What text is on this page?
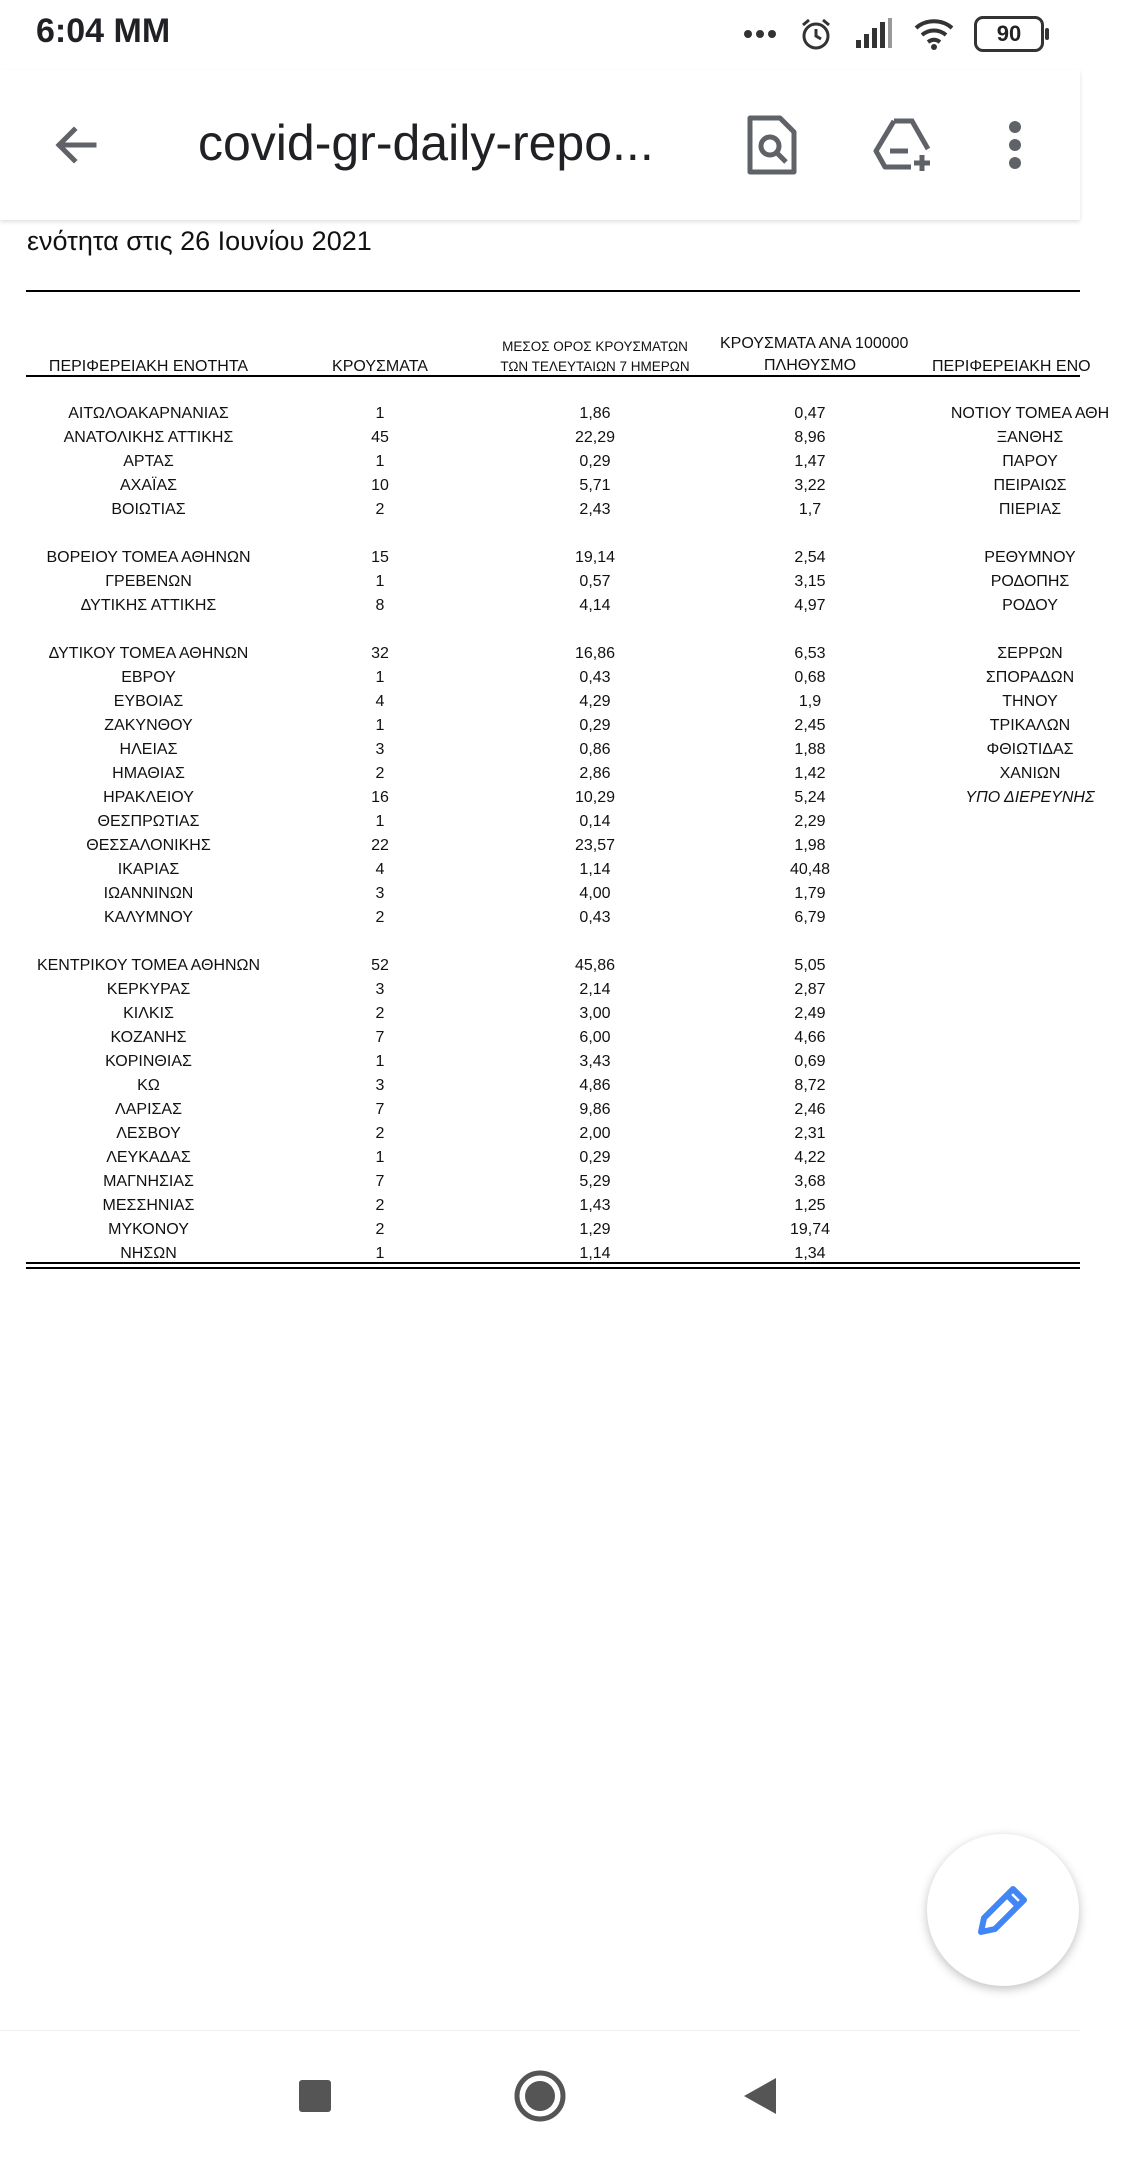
6:04 MM	90
covid-gr-daily-repo...
ενότητα στις 26 Ιουνίου 2021
ΠΕΡΙΦΕΡΕΙΑΚΗ ΕΝΟΤΗΤΑ	ΚΡΟΥΣΜΑΤΑ
ΜΕΣΟΣ ΟΡΟΣ ΚΡΟΥΣΜΑΤΩΝ
ΤΩΝ ΤΕΛΕΥΤΑΙΩΝ 7 ΗΜΕΡΩΝ
ΚΡΟΥΣΜΑΤΑ ΑΝΑ 100000
ΠΛΗΘΥΣΜΟ	ΠΕΡΙΦΕΡΕΙΑΚΗ ΕΝΟ
ΑΙΤΩΛΟΑΚΑΡΝΑΝΙΑΣ	1	1,86	0,47	ΝΟΤΙΟΥ ΤΟΜΕΑ ΑΘΗ
ΑΝΑΤΟΛΙΚΗΣ ΑΤΤΙΚΗΣ	45	22,29	8,96	ΞΑΝΘΗΣ
ΑΡΤΑΣ	1	0,29	1,47	ΠΑΡΟΥ
ΑΧΑΪΑΣ	10	5,71	3,22	ΠΕΙΡΑΙΩΣ
ΒΟΙΩΤΙΑΣ	2	2,43	1,7	ΠΙΕΡΙΑΣ
ΒΟΡΕΙΟΥ ΤΟΜΕΑ ΑΘΗΝΩΝ	15	19,14	2,54	ΡΕΘΥΜΝΟΥ
ΓΡΕΒΕΝΩΝ	1	0,57	3,15	ΡΟΔΟΠΗΣ
ΔΥΤΙΚΗΣ ΑΤΤΙΚΗΣ	8	4,14	4,97	ΡΟΔΟΥ
ΔΥΤΙΚΟΥ ΤΟΜΕΑ ΑΘΗΝΩΝ	32	16,86	6,53	ΣΕΡΡΩΝ
ΕΒΡΟΥ	1	0,43	0,68	ΣΠΟΡΑΔΩΝ
ΕΥΒΟΙΑΣ	4	4,29	1,9	ΤΗΝΟΥ
ΖΑΚΥΝΘΟΥ	1	0,29	2,45	ΤΡΙΚΑΛΩΝ
ΗΛΕΙΑΣ	3	0,86	1,88	ΦΘΙΩΤΙΔΑΣ
ΗΜΑΘΙΑΣ	2	2,86	1,42	ΧΑΝΙΩΝ
ΗΡΑΚΛΕΙΟΥ	16	10,29	5,24	ΥΠΟ ΔΙΕΡΕΥΝΗΣ
ΘΕΣΠΡΩΤΙΑΣ	1	0,14	2,29
ΘΕΣΣΑΛΟΝΙΚΗΣ	22	23,57	1,98
ΙΚΑΡΙΑΣ	4	1,14	40,48
ΙΩΑΝΝΙΝΩΝ	3	4,00	1,79
ΚΑΛΥΜΝΟΥ	2	0,43	6,79
ΚΕΝΤΡΙΚΟΥ ΤΟΜΕΑ ΑΘΗΝΩΝ	52	45,86	5,05
ΚΕΡΚΥΡΑΣ	3	2,14	2,87
ΚΙΛΚΙΣ	2	3,00	2,49
ΚΟΖΑΝΗΣ	7	6,00	4,66
ΚΟΡΙΝΘΙΑΣ	1	3,43	0,69
ΚΩ	3	4,86	8,72
ΛΑΡΙΣΑΣ	7	9,86	2,46
ΛΕΣΒΟΥ	2	2,00	2,31
ΛΕΥΚΑΔΑΣ	1	0,29	4,22
ΜΑΓΝΗΣΙΑΣ	7	5,29	3,68
ΜΕΣΣΗΝΙΑΣ	2	1,43	1,25
ΜΥΚΟΝΟΥ	2	1,29	19,74
ΝΗΣΩΝ	1	1,14	1,34
